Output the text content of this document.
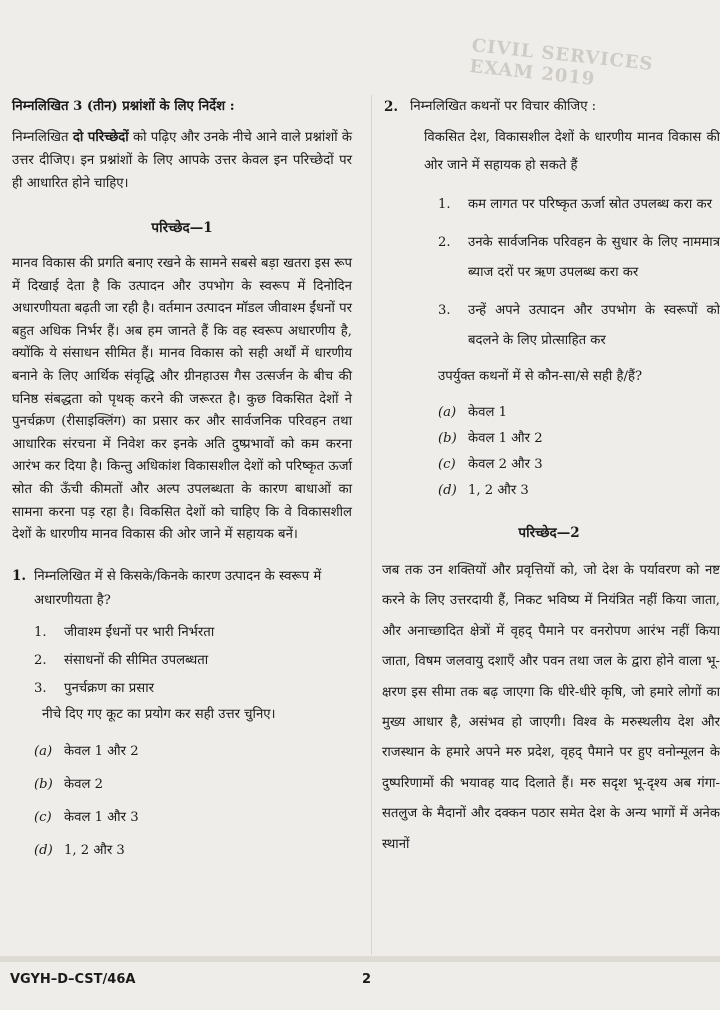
CIVIL SERVICES EXAM 2019

निम्नलिखित 3 (तीन) प्रश्नांशों के लिए निर्देश :

निम्नलिखित दो परिच्छेदों को पढ़िए और उनके नीचे आने वाले प्रश्नांशों के उत्तर दीजिए। इन प्रश्नांशों के लिए आपके उत्तर केवल इन परिच्छेदों पर ही आधारित होने चाहिए।

परिच्छेद—1

मानव विकास की प्रगति बनाए रखने के सामने सबसे बड़ा खतरा इस रूप में दिखाई देता है कि उत्पादन और उपभोग के स्वरूप में दिनोदिन अधारणीयता बढ़ती जा रही है। वर्तमान उत्पादन मॉडल जीवाश्म ईंधनों पर बहुत अधिक निर्भर हैं। अब हम जानते हैं कि वह स्वरूप अधारणीय है, क्योंकि ये संसाधन सीमित हैं। मानव विकास को सही अर्थों में धारणीय बनाने के लिए आर्थिक संवृद्धि और ग्रीनहाउस गैस उत्सर्जन के बीच की घनिष्ठ संबद्धता को पृथक् करने की जरूरत है। कुछ विकसित देशों ने पुनर्चक्रण (रीसाइक्लिंग) का प्रसार कर और सार्वजनिक परिवहन तथा आधारिक संरचना में निवेश कर इनके अति दुष्प्रभावों को कम करना आरंभ कर दिया है। किन्तु अधिकांश विकासशील देशों को परिष्कृत ऊर्जा स्रोत की ऊँची कीमतों और अल्प उपलब्धता के कारण बाधाओं का सामना करना पड़ रहा है। विकसित देशों को चाहिए कि वे विकासशील देशों के धारणीय मानव विकास की ओर जाने में सहायक बनें।

1. निम्नलिखित में से किसके/किनके कारण उत्पादन के स्वरूप में अधारणीयता है?

1.	जीवाश्म ईंधनों पर भारी निर्भरता
2.	संसाधनों की सीमित उपलब्धता
3.	पुनर्चक्रण का प्रसार

नीचे दिए गए कूट का प्रयोग कर सही उत्तर चुनिए।

(a) केवल 1 और 2
(b) केवल 2
(c) केवल 1 और 3
(d) 1, 2 और 3
2. निम्नलिखित कथनों पर विचार कीजिए :

विकसित देश, विकासशील देशों के धारणीय मानव विकास की ओर जाने में सहायक हो सकते हैं

1.	कम लागत पर परिष्कृत ऊर्जा स्रोत उपलब्ध करा कर
2.	उनके सार्वजनिक परिवहन के सुधार के लिए नाममात्र ब्याज दरों पर ऋण उपलब्ध करा कर
3.	उन्हें अपने उत्पादन और उपभोग के स्वरूपों को बदलने के लिए प्रोत्साहित कर

उपर्युक्त कथनों में से कौन-सा/से सही है/हैं?

(a) केवल 1
(b) केवल 1 और 2
(c) केवल 2 और 3
(d) 1, 2 और 3

परिच्छेद—2

जब तक उन शक्तियों और प्रवृत्तियों को, जो देश के पर्यावरण को नष्ट करने के लिए उत्तरदायी हैं, निकट भविष्य में नियंत्रित नहीं किया जाता, और अनाच्छादित क्षेत्रों में वृहद् पैमाने पर वनरोपण आरंभ नहीं किया जाता, विषम जलवायु दशाएँ और पवन तथा जल के द्वारा होने वाला भू-क्षरण इस सीमा तक बढ़ जाएगा कि धीरे-धीरे कृषि, जो हमारे लोगों का मुख्य आधार है, असंभव हो जाएगी। विश्व के मरुस्थलीय देश और राजस्थान के हमारे अपने मरु प्रदेश, वृहद् पैमाने पर हुए वनोन्मूलन के दुष्परिणामों की भयावह याद दिलाते हैं। मरु सदृश भू-दृश्य अब गंगा-सतलुज के मैदानों और दक्कन पठार समेत देश के अन्य भागों में अनेक स्थानों

VGYH–D–CST/46A	2
